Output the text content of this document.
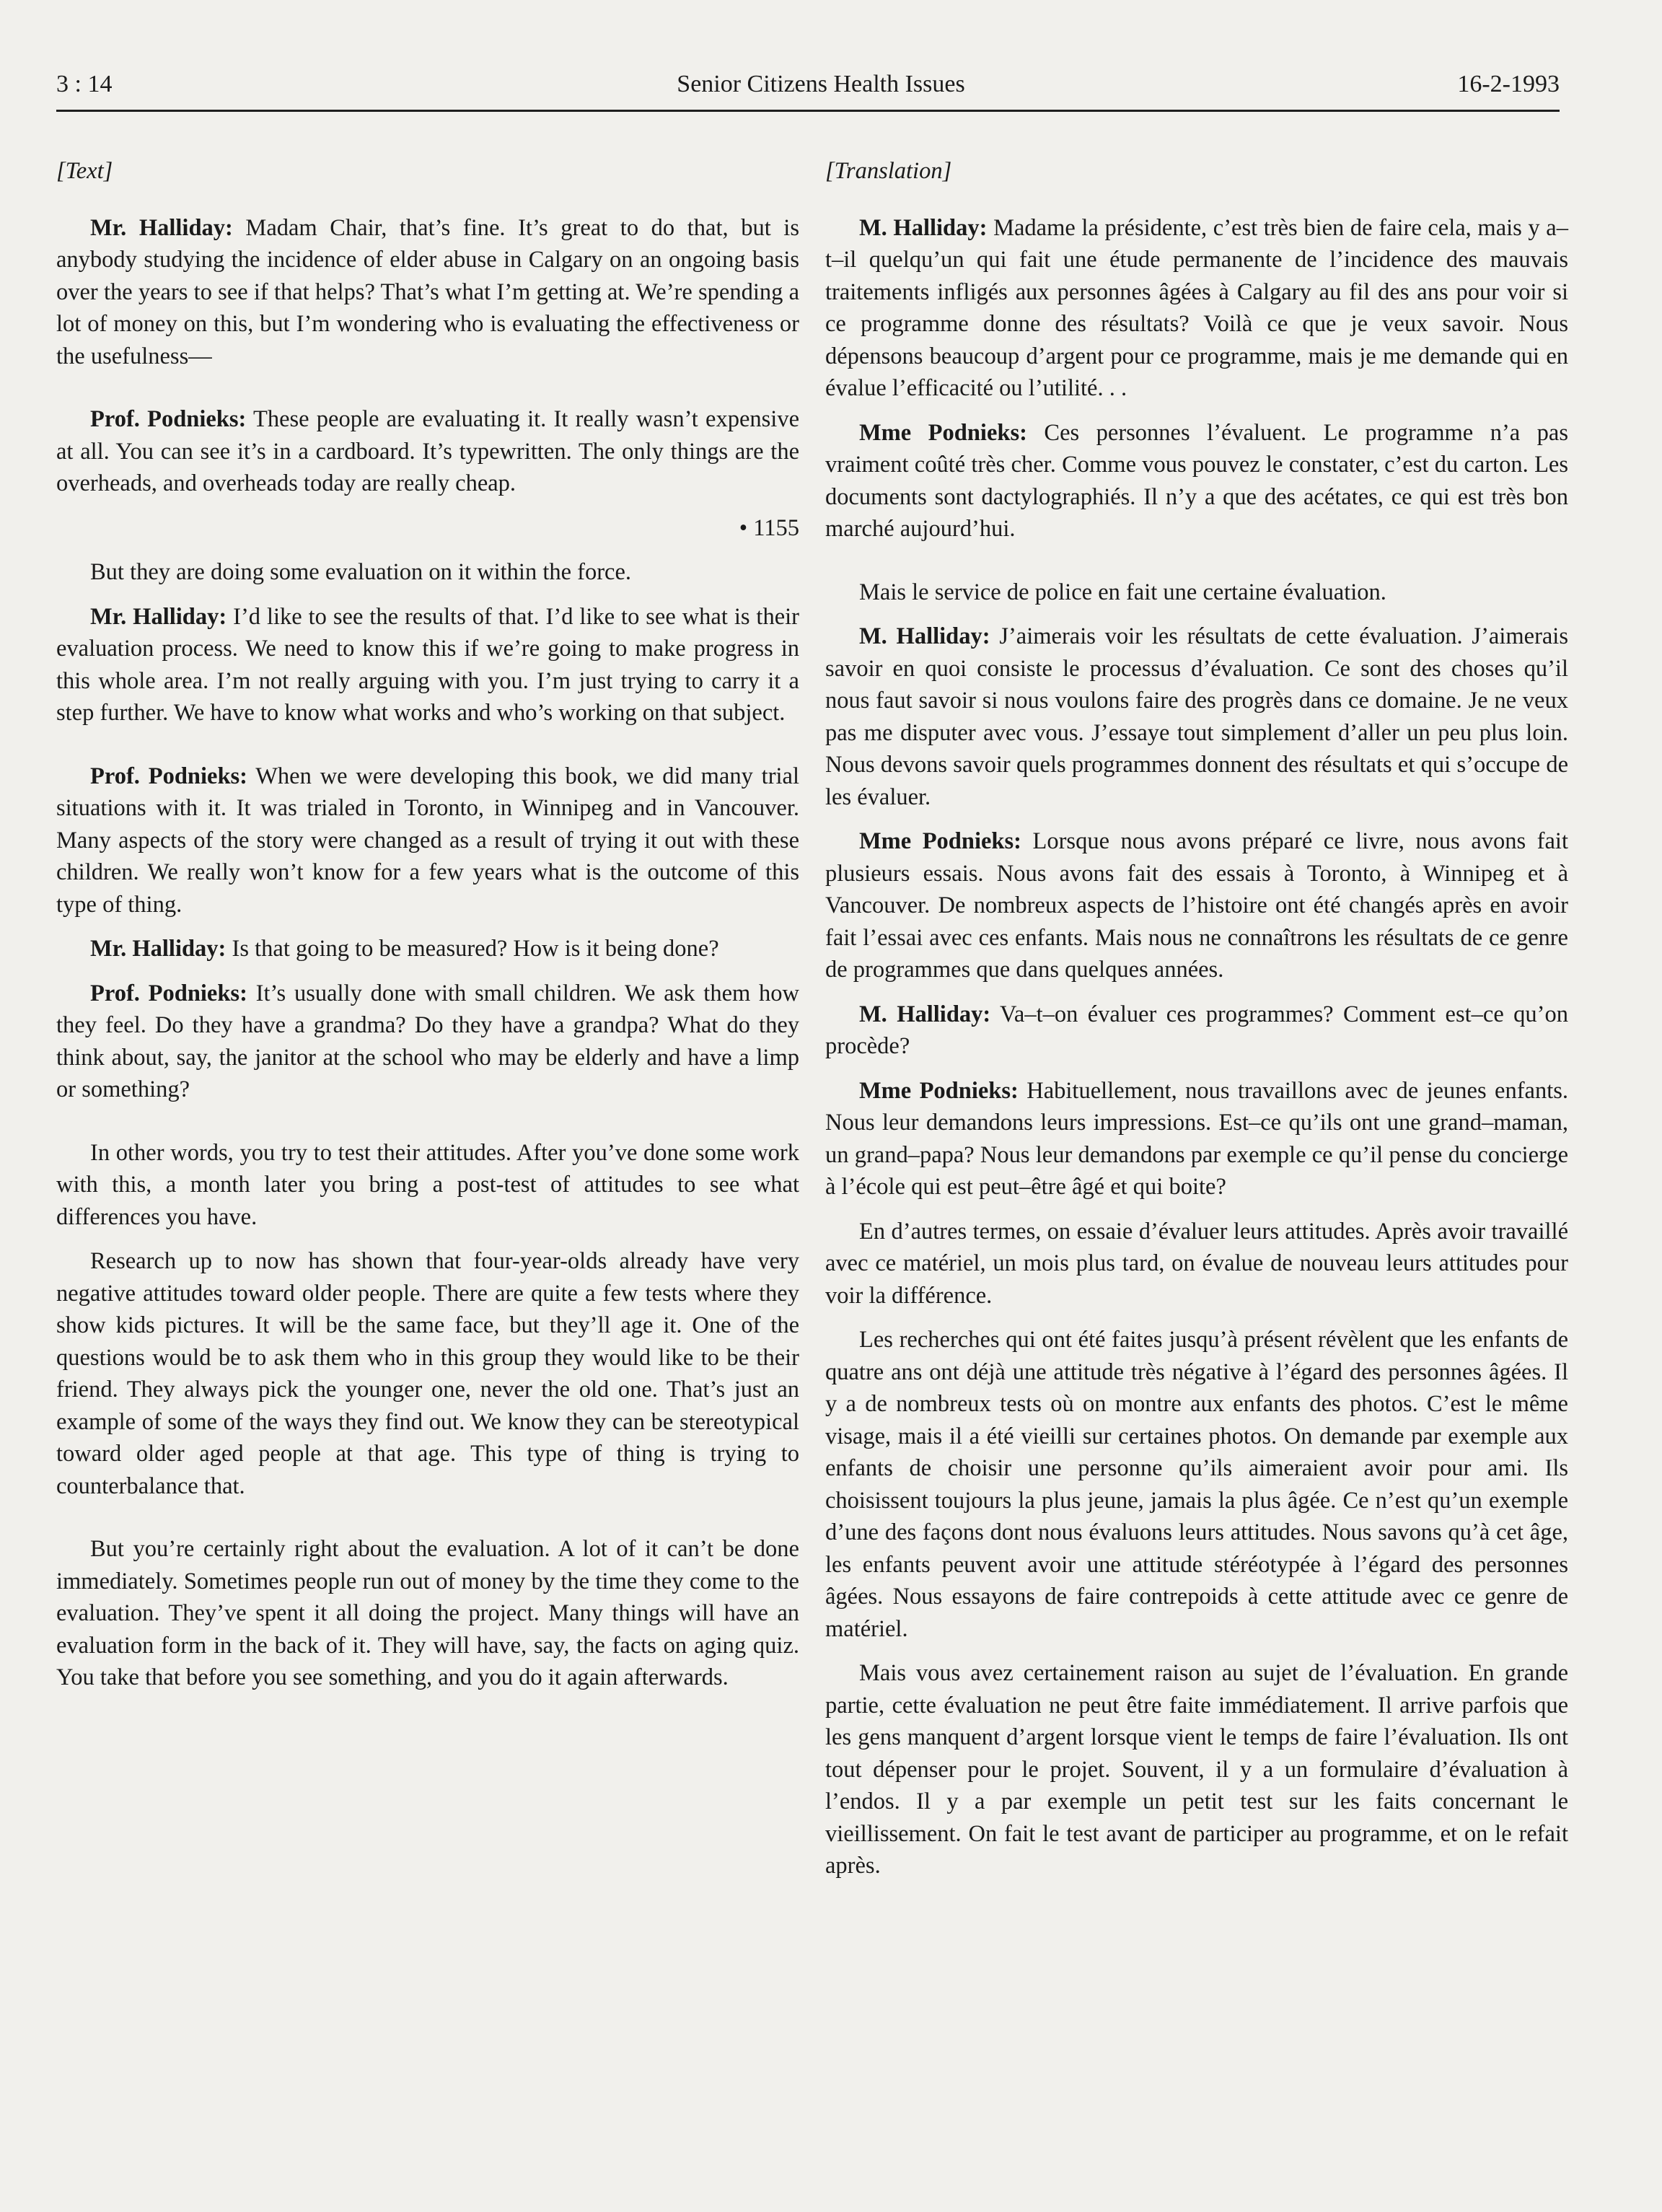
3 : 14	Senior Citizens Health Issues	16-2-1993

[Text]

Mr. Halliday: Madam Chair, that’s fine. It’s great to do that, but is anybody studying the incidence of elder abuse in Calgary on an ongoing basis over the years to see if that helps? That’s what I’m getting at. We’re spending a lot of money on this, but I’m wondering who is evaluating the effectiveness or the usefulness—

Prof. Podnieks: These people are evaluating it. It really wasn’t expensive at all. You can see it’s in a cardboard. It’s typewritten. The only things are the overheads, and overheads today are really cheap.

• 1155

But they are doing some evaluation on it within the force.

Mr. Halliday: I’d like to see the results of that. I’d like to see what is their evaluation process. We need to know this if we’re going to make progress in this whole area. I’m not really arguing with you. I’m just trying to carry it a step further. We have to know what works and who’s working on that subject.

Prof. Podnieks: When we were developing this book, we did many trial situations with it. It was trialed in Toronto, in Winnipeg and in Vancouver. Many aspects of the story were changed as a result of trying it out with these children. We really won’t know for a few years what is the outcome of this type of thing.

Mr. Halliday: Is that going to be measured? How is it being done?

Prof. Podnieks: It’s usually done with small children. We ask them how they feel. Do they have a grandma? Do they have a grandpa? What do they think about, say, the janitor at the school who may be elderly and have a limp or something?

In other words, you try to test their attitudes. After you’ve done some work with this, a month later you bring a post-test of attitudes to see what differences you have.

Research up to now has shown that four-year-olds already have very negative attitudes toward older people. There are quite a few tests where they show kids pictures. It will be the same face, but they’ll age it. One of the questions would be to ask them who in this group they would like to be their friend. They always pick the younger one, never the old one. That’s just an example of some of the ways they find out. We know they can be stereotypical toward older aged people at that age. This type of thing is trying to counterbalance that.

But you’re certainly right about the evaluation. A lot of it can’t be done immediately. Sometimes people run out of money by the time they come to the evaluation. They’ve spent it all doing the project. Many things will have an evaluation form in the back of it. They will have, say, the facts on aging quiz. You take that before you see something, and you do it again afterwards.

[Translation]

M. Halliday: Madame la présidente, c’est très bien de faire cela, mais y a–t–il quelqu’un qui fait une étude permanente de l’incidence des mauvais traitements infligés aux personnes âgées à Calgary au fil des ans pour voir si ce programme donne des résultats? Voilà ce que je veux savoir. Nous dépensons beaucoup d’argent pour ce programme, mais je me demande qui en évalue l’efficacité ou l’utilité. . .

Mme Podnieks: Ces personnes l’évaluent. Le programme n’a pas vraiment coûté très cher. Comme vous pouvez le constater, c’est du carton. Les documents sont dactylographiés. Il n’y a que des acétates, ce qui est très bon marché aujourd’hui.

Mais le service de police en fait une certaine évaluation.

M. Halliday: J’aimerais voir les résultats de cette évaluation. J’aimerais savoir en quoi consiste le processus d’évaluation. Ce sont des choses qu’il nous faut savoir si nous voulons faire des progrès dans ce domaine. Je ne veux pas me disputer avec vous. J’essaye tout simplement d’aller un peu plus loin. Nous devons savoir quels programmes donnent des résultats et qui s’occupe de les évaluer.

Mme Podnieks: Lorsque nous avons préparé ce livre, nous avons fait plusieurs essais. Nous avons fait des essais à Toronto, à Winnipeg et à Vancouver. De nombreux aspects de l’histoire ont été changés après en avoir fait l’essai avec ces enfants. Mais nous ne connaîtrons les résultats de ce genre de programmes que dans quelques années.

M. Halliday: Va–t–on évaluer ces programmes? Comment est–ce qu’on procède?

Mme Podnieks: Habituellement, nous travaillons avec de jeunes enfants. Nous leur demandons leurs impressions. Est–ce qu’ils ont une grand–maman, un grand–papa? Nous leur demandons par exemple ce qu’il pense du concierge à l’école qui est peut–être âgé et qui boite?

En d’autres termes, on essaie d’évaluer leurs attitudes. Après avoir travaillé avec ce matériel, un mois plus tard, on évalue de nouveau leurs attitudes pour voir la différence.

Les recherches qui ont été faites jusqu’à présent révèlent que les enfants de quatre ans ont déjà une attitude très négative à l’égard des personnes âgées. Il y a de nombreux tests où on montre aux enfants des photos. C’est le même visage, mais il a été vieilli sur certaines photos. On demande par exemple aux enfants de choisir une personne qu’ils aimeraient avoir pour ami. Ils choisissent toujours la plus jeune, jamais la plus âgée. Ce n’est qu’un exemple d’une des façons dont nous évaluons leurs attitudes. Nous savons qu’à cet âge, les enfants peuvent avoir une attitude stéréotypée à l’égard des personnes âgées. Nous essayons de faire contrepoids à cette attitude avec ce genre de matériel.

Mais vous avez certainement raison au sujet de l’évaluation. En grande partie, cette évaluation ne peut être faite immédiatement. Il arrive parfois que les gens manquent d’argent lorsque vient le temps de faire l’évaluation. Ils ont tout dépenser pour le projet. Souvent, il y a un formulaire d’évaluation à l’endos. Il y a par exemple un petit test sur les faits concernant le vieillissement. On fait le test avant de participer au programme, et on le refait après.
